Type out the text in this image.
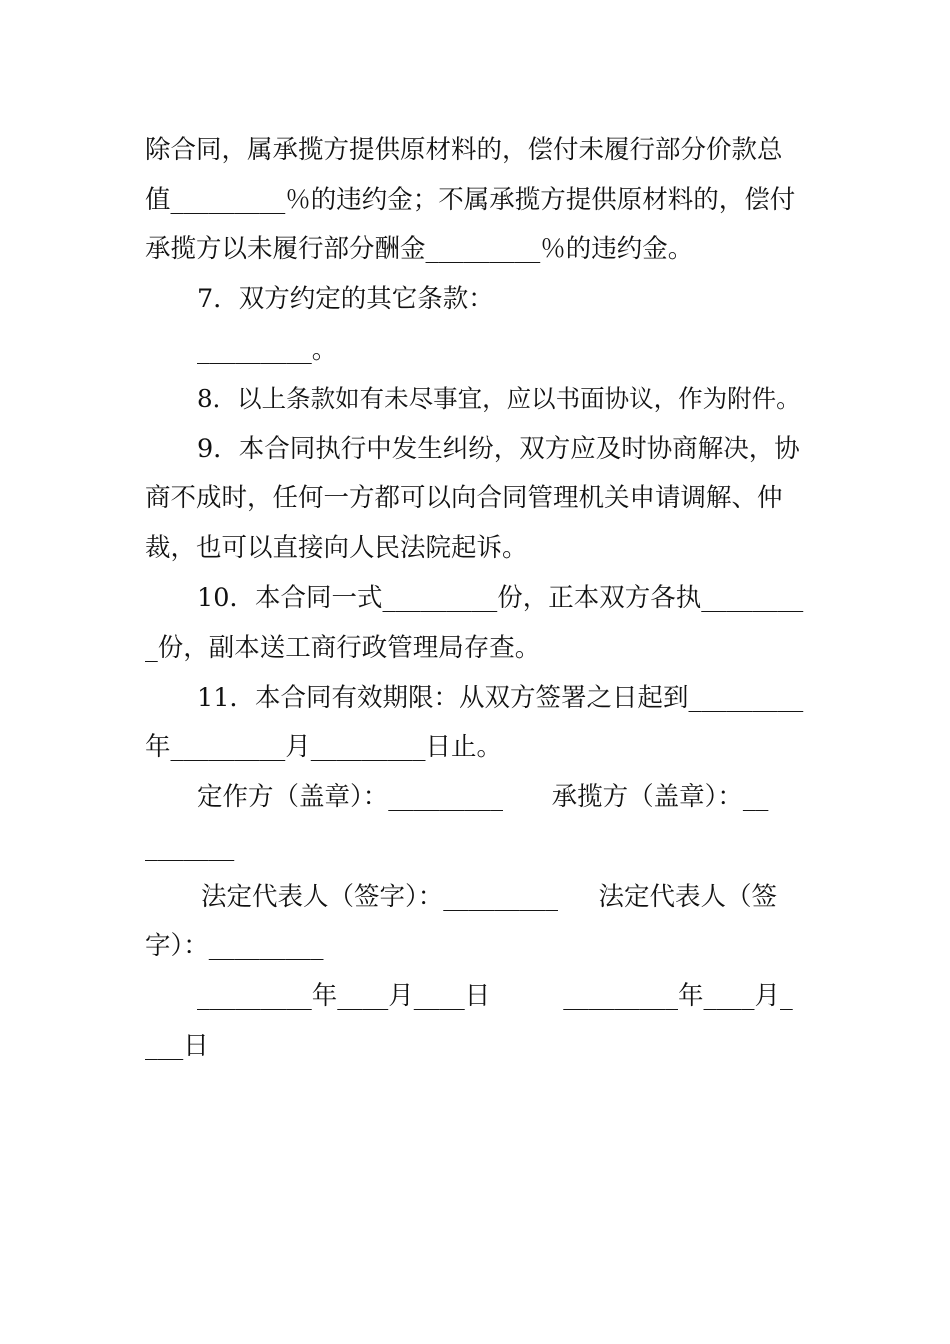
除合同，属承揽方提供原材料的，偿付未履行部分价款总
值_________％的违约金；不属承揽方提供原材料的，偿付
承揽方以未履行部分酬金_________％的违约金。
7．双方约定的其它条款：
_________。
8．以上条款如有未尽事宜，应以书面协议，作为附件。
9．本合同执行中发生纠纷，双方应及时协商解决，协
商不成时，任何一方都可以向合同管理机关申请调解、仲
裁，也可以直接向人民法院起诉。
10．本合同一式_________份，正本双方各执________
_份，副本送工商行政管理局存查。
11．本合同有效期限：从双方签署之日起到_________
年_________月_________日止。
定作方（盖章）：_________      承揽方（盖章）：__
_______
法定代表人（签字）：_________     法定代表人（签
字）：_________
_________年____月____日         _________年____月_
___日
